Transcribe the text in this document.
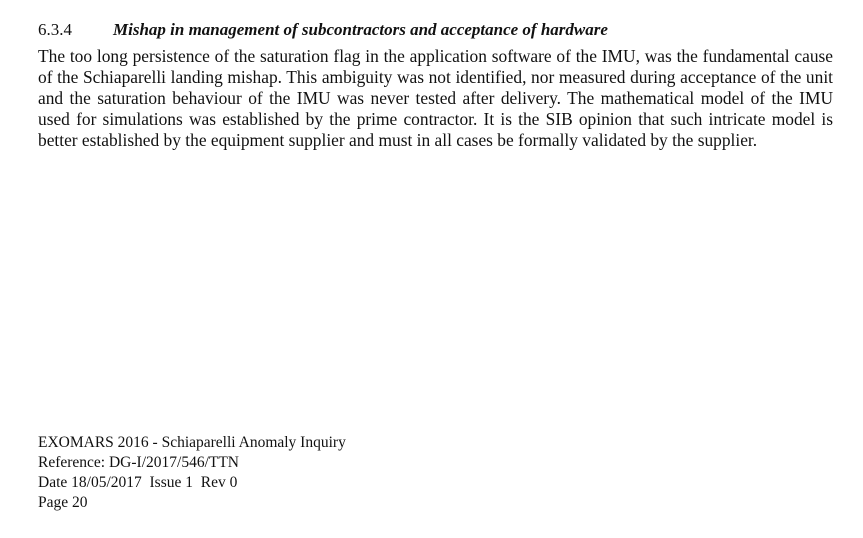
6.3.4	Mishap in management of subcontractors and acceptance of hardware

The too long persistence of the saturation flag in the application software of the IMU, was the fundamental cause of the Schiaparelli landing mishap. This ambiguity was not identified, nor measured during acceptance of the unit and the saturation behaviour of the IMU was never tested after delivery. The mathematical model of the IMU used for simulations was established by the prime contractor. It is the SIB opinion that such intricate model is better established by the equipment supplier and must in all cases be formally validated by the supplier.

EXOMARS 2016 - Schiaparelli Anomaly Inquiry
Reference: DG-I/2017/546/TTN
Date 18/05/2017  Issue 1  Rev 0
Page 20
